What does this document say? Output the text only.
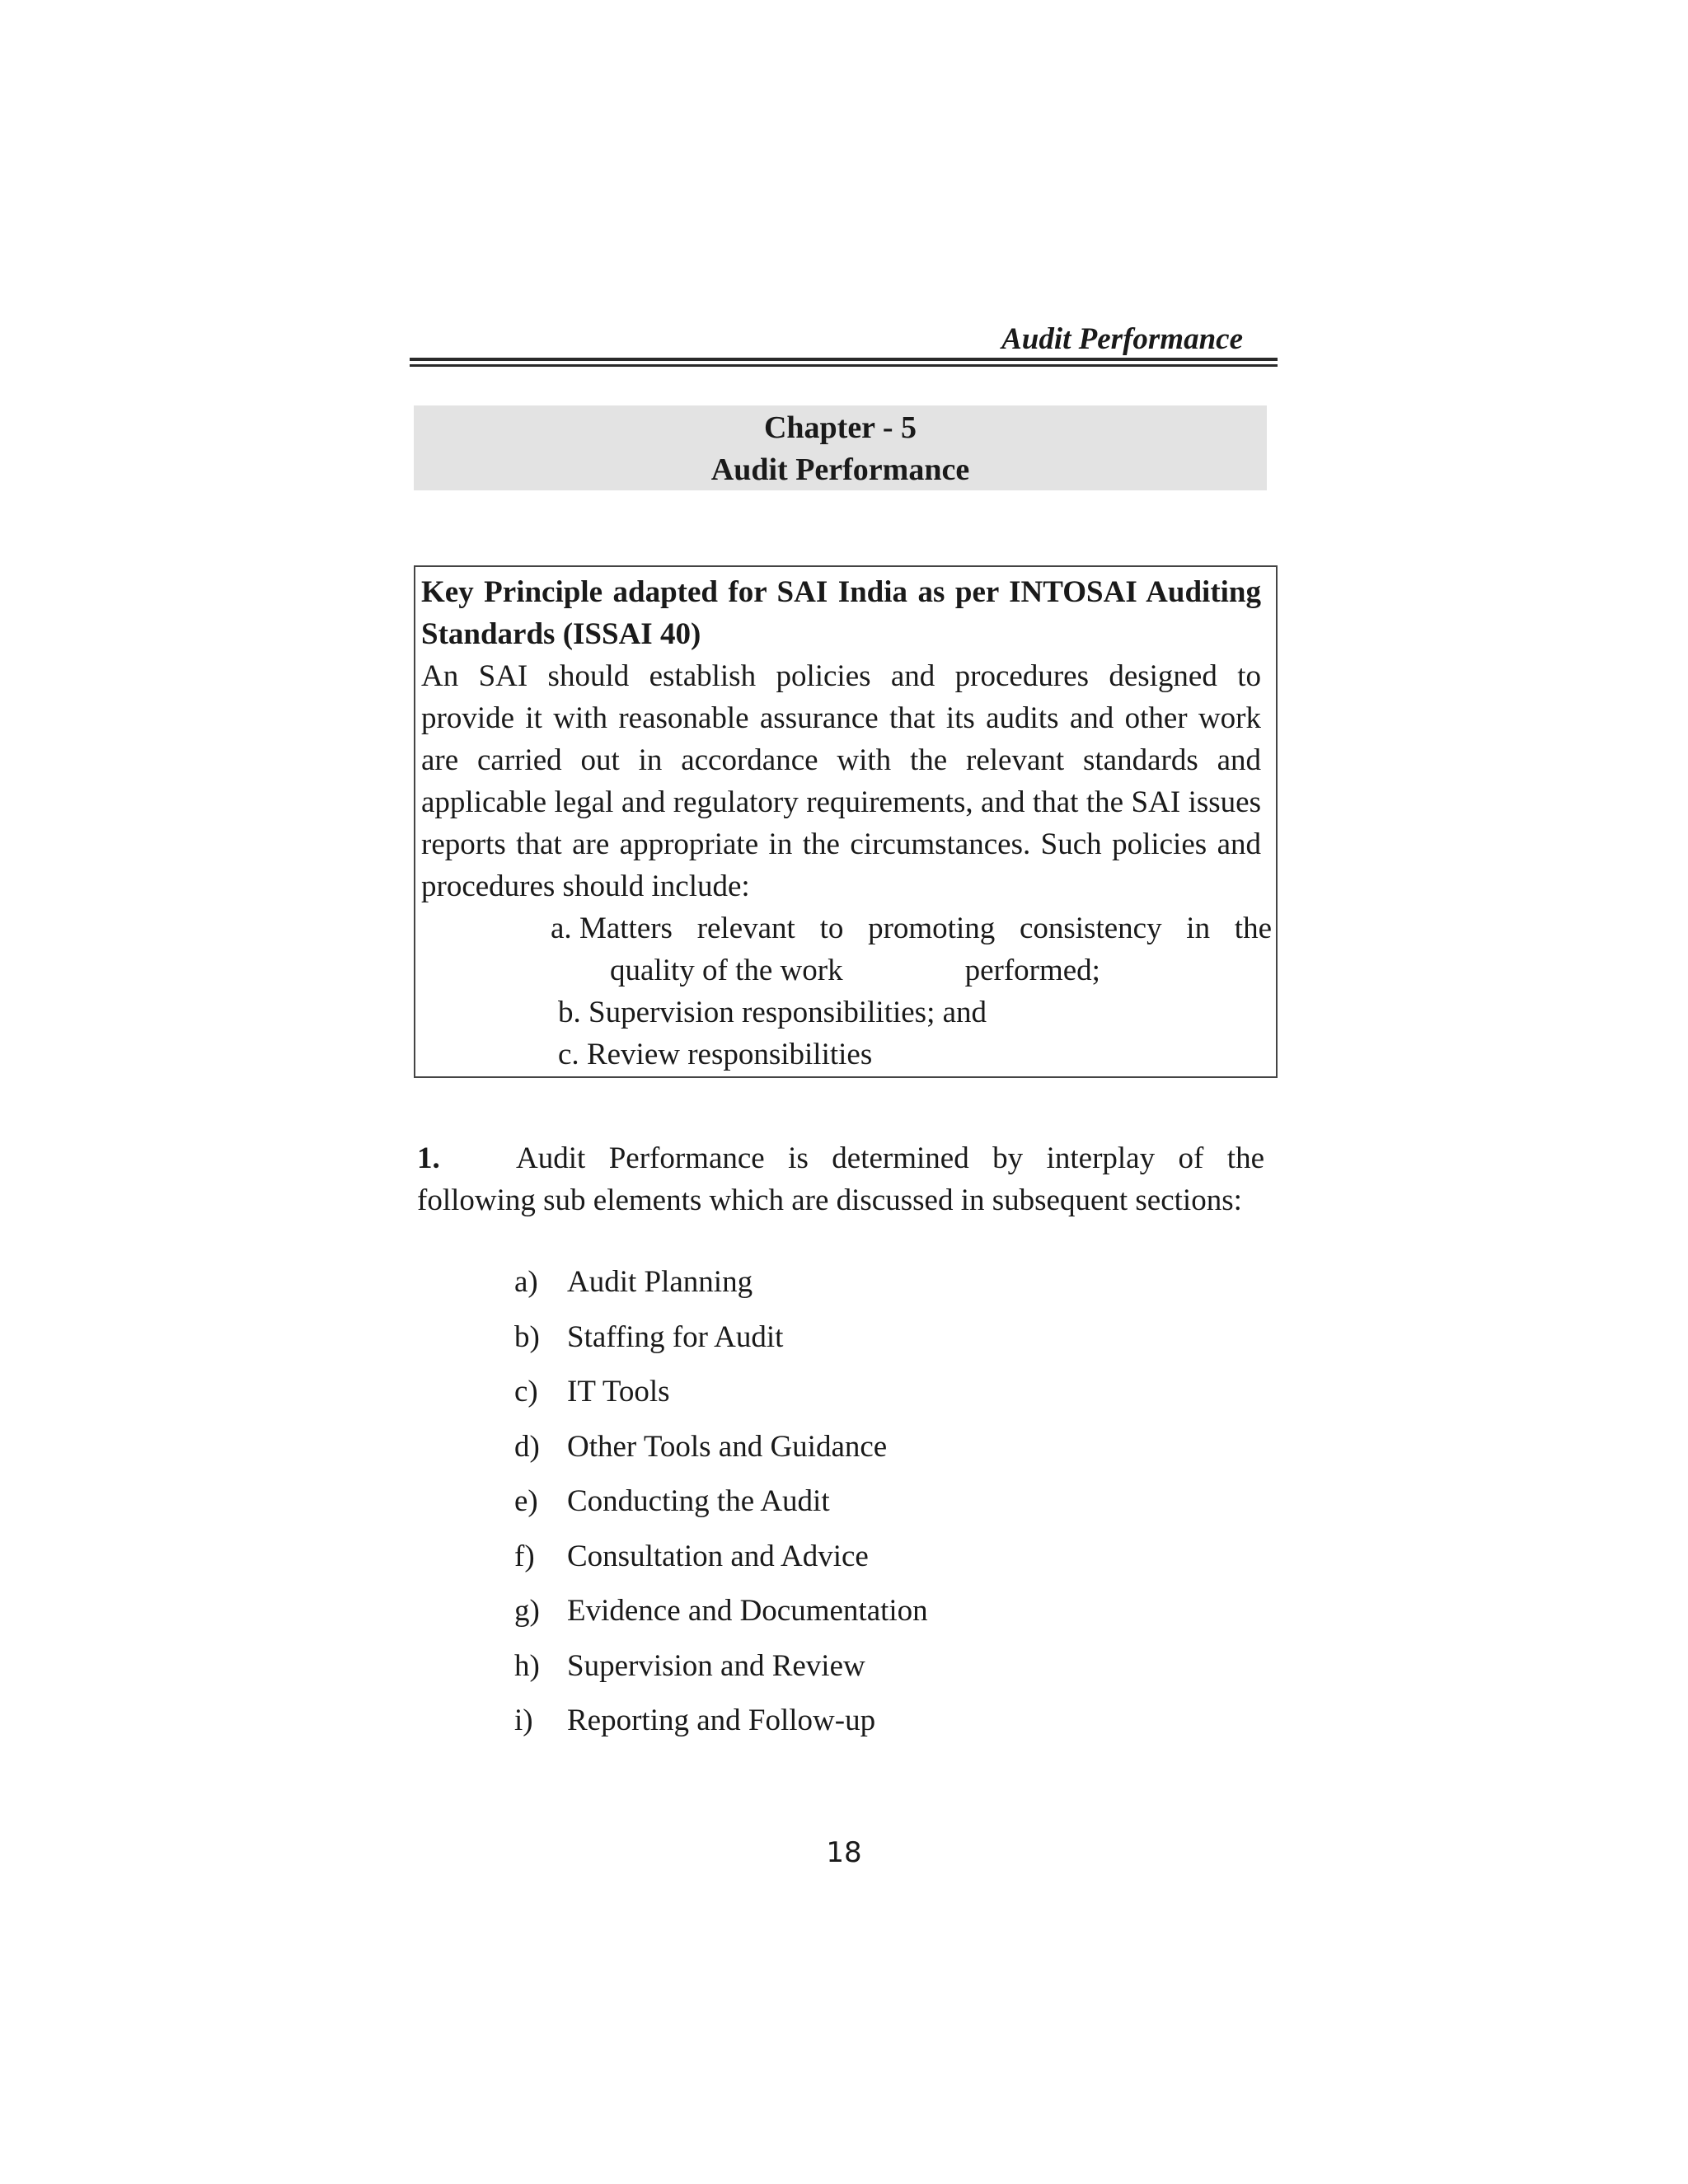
Audit Performance
Chapter - 5
Audit Performance
Key Principle adapted for SAI India as per INTOSAI Auditing Standards (ISSAI 40)
An SAI should establish policies and procedures designed to provide it with reasonable assurance that its audits and other work are carried out in accordance with the relevant standards and applicable legal and regulatory requirements, and that the SAI issues reports that are appropriate in the circumstances. Such policies and procedures should include:
a. Matters relevant to promoting consistency in the
quality of the work	performed;
b. Supervision responsibilities; and
c. Review responsibilities
1. Audit Performance is determined by interplay of the following sub elements which are discussed in subsequent sections:
a) Audit Planning
b) Staffing for Audit
c) IT Tools
d) Other Tools and Guidance
e) Conducting the Audit
f) Consultation and Advice
g) Evidence and Documentation
h) Supervision and Review
i) Reporting and Follow-up
18
